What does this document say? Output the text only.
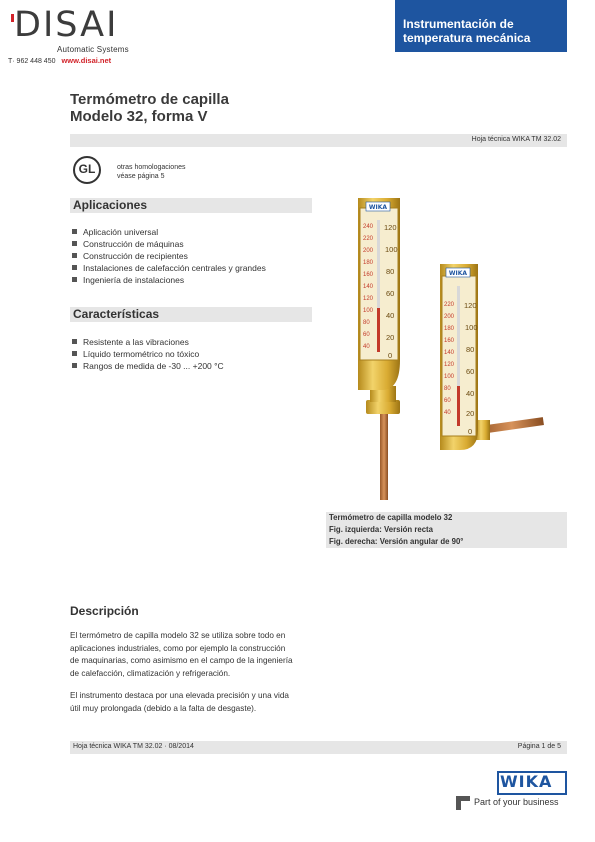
DISAI
Automatic Systems
T· 962 448 450 www.disai.net
Instrumentación de
temperatura mecánica
Termómetro de capilla
Modelo 32, forma V
Hoja técnica WIKA TM 32.02
GL	otras homologaciones
véase página 5
Aplicaciones
Aplicación universal
Construcción de máquinas
Construcción de recipientes
Instalaciones de calefacción centrales y grandes
Ingeniería de instalaciones
Características
Resistente a las vibraciones
Líquido termométrico no tóxico
Rangos de medida de -30 ... +200 °C
WIKA
240
220
200
180
160
140
120
100
80
60
40
120
100
80
60
40
20
0
WIKA
220
200
180
160
140
120
100
80
60
40
120
100
80
60
40
20
0
Termómetro de capilla modelo 32
Fig. izquierda: Versión recta
Fig. derecha: Versión angular de 90°
Descripción
El termómetro de capilla modelo 32 se utiliza sobre todo en
aplicaciones industriales, como por ejemplo la construcción
de maquinarias, como asimismo en el campo de la ingeniería
de calefacción, climatización y refrigeración.
El instrumento destaca por una elevada precisión y una vida
útil muy prolongada (debido a la falta de desgaste).
Hoja técnica WIKA TM 32.02 · 08/2014	Página 1 de 5
WIKA
Part of your business
